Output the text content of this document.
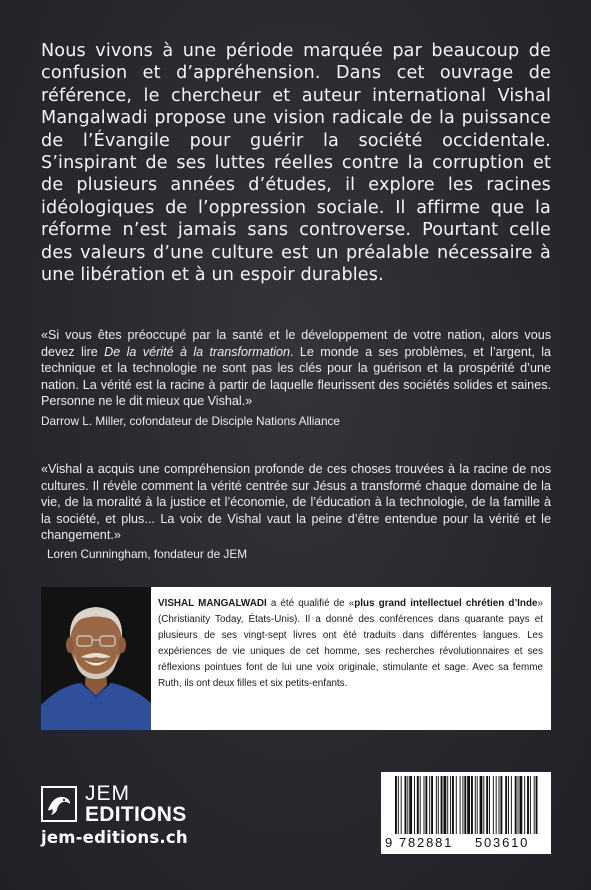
Nous vivons à une période marquée par beaucoup de confusion et d’appréhension. Dans cet ouvrage de référence, le chercheur et auteur international Vishal Mangalwadi propose une vision radicale de la puissance de l’Évangile pour guérir la société occidentale. S’inspirant de ses luttes réelles contre la corruption et de plusieurs années d’études, il explore les racines idéologiques de l’oppression sociale. Il affirme que la réforme n’est jamais sans controverse. Pourtant celle des valeurs d’une culture est un préalable nécessaire à une libération et à un espoir durables.

«Si vous êtes préoccupé par la santé et le développement de votre nation, alors vous devez lire De la vérité à la transformation. Le monde a ses problèmes, et l’argent, la technique et la technologie ne sont pas les clés pour la guérison et la prospérité d’une nation. La vérité est la racine à partir de laquelle fleurissent des sociétés solides et saines. Personne ne le dit mieux que Vishal.»

Darrow L. Miller, cofondateur de Disciple Nations Alliance

«Vishal a acquis une compréhension profonde de ces choses trouvées à la racine de nos cultures. Il révèle comment la vérité centrée sur Jésus a transformé chaque domaine de la vie, de la moralité à la justice et l’économie, de l’éducation à la technologie, de la famille à la société, et plus... La voix de Vishal vaut la peine d’être entendue pour la vérité et le changement.»

Loren Cunningham, fondateur de JEM

VISHAL MANGALWADI a été qualifié de «plus grand intellectuel chrétien d’Inde» (Christianity Today, États-Unis). Il a donné des conférences dans quarante pays et plusieurs de ses vingt-sept livres ont été traduits dans différentes langues. Les expériences de vie uniques de cet homme, ses recherches révolutionnaires et ses réflexions pointues font de lui une voix originale, stimulante et sage. Avec sa femme Ruth, ils ont deux filles et six petits-enfants.

JEM
EDITIONS
jem-editions.ch	9 782881 503610
